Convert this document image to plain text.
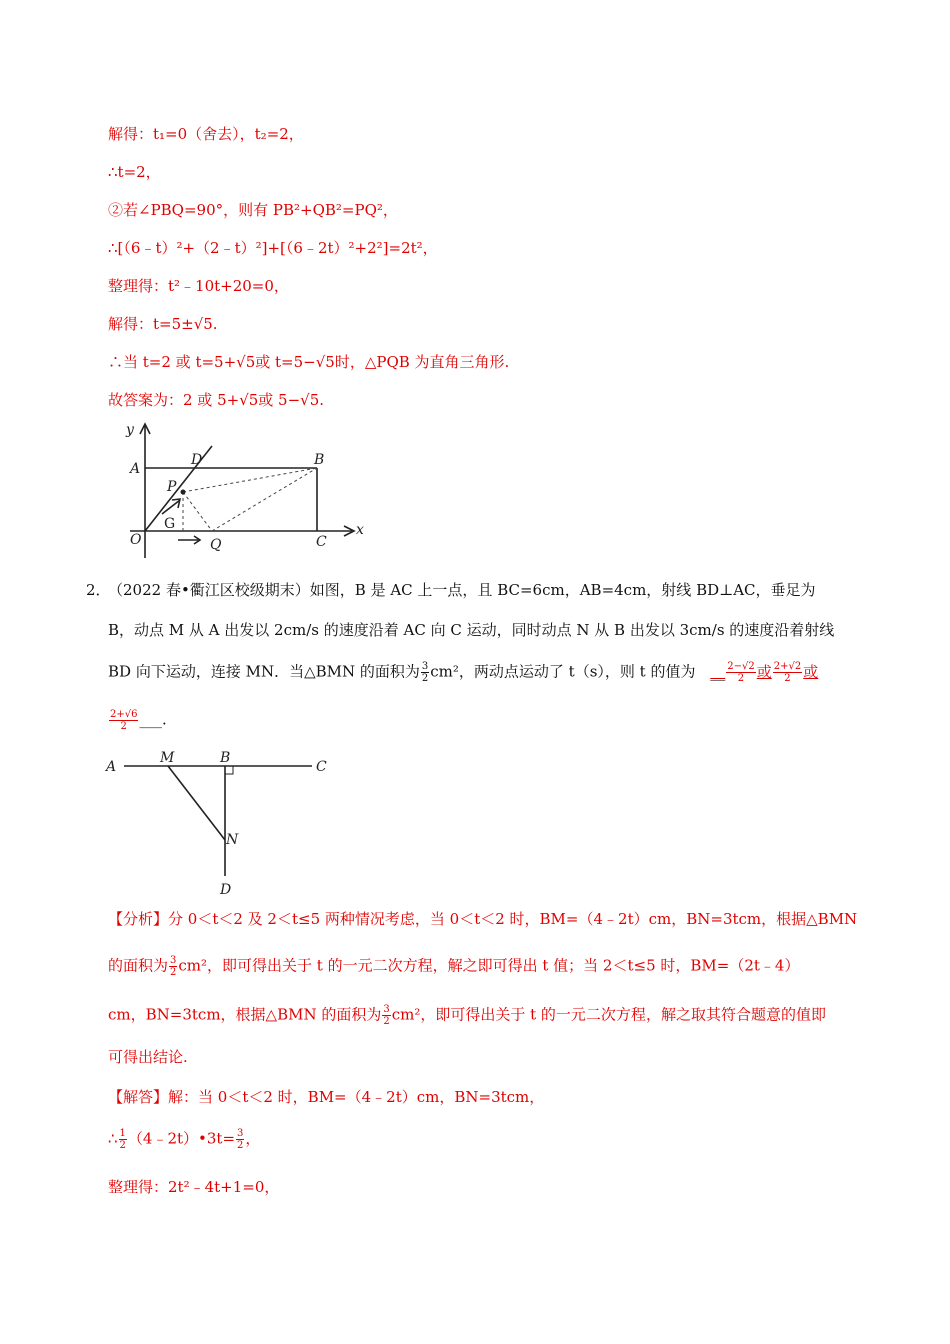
解得：t₁=0（舍去），t₂=2，
∴t=2，
②若∠PBQ=90°，则有 PB²+QB²=PQ²，
∴[（6﹣t）²+（2﹣t）²]+[（6﹣2t）²+2²]=2t²，
整理得：t²﹣10t+20=0，
解得：t=5±√5.
∴当 t=2 或 t=5+√5或 t=5−√5时，△PQB 为直角三角形.
故答案为：2 或 5+√5或 5−√5.
y
A
D	B
P
G
O	Q	C
x
2．
（2022 春•衢江区校级期末）如图，B 是 AC 上一点，且 BC=6cm，AB=4cm，射线 BD⊥AC，垂足为
B，动点 M 从 A 出发以 2cm/s 的速度沿着 AC 向 C 运动，同时动点 N 从 B 出发以 3cm/s 的速度沿着射线
BD 向下运动，连接 MN．当△BMN 的面积为 $\frac{3}{2} cm^2$，两动点运动了 t（s），则 t 的值为 __ $\frac{2-√2}{2}$ 或 $\frac{2+√2}{2}$ 或
$\frac{2+√6}{2}$ ___.
A
M	B
C
N
D
【分析】分 0＜t＜2 及 2＜t≤5 两种情况考虑，当 0＜t＜2 时，BM=（4﹣2t）cm，BN=3tcm，根据△BMN
的面积为 $\frac{3}{2} cm^2$，即可得出关于 t 的一元二次方程，解之即可得出 t 值；当 2＜t≤5 时，BM=（2t﹣4）
cm，BN=3tcm，根据△BMN 的面积为 $\frac{3}{2} cm^2$，即可得出关于 t 的一元二次方程，解之取其符合题意的值即
可得出结论.
【解答】解：当 0＜t＜2 时，BM=（4﹣2t）cm，BN=3tcm，
∴ $\frac{1}{2}$ （4﹣2t）•3t= $\frac{3}{2}$ ，
整理得：2t²﹣4t+1=0，
